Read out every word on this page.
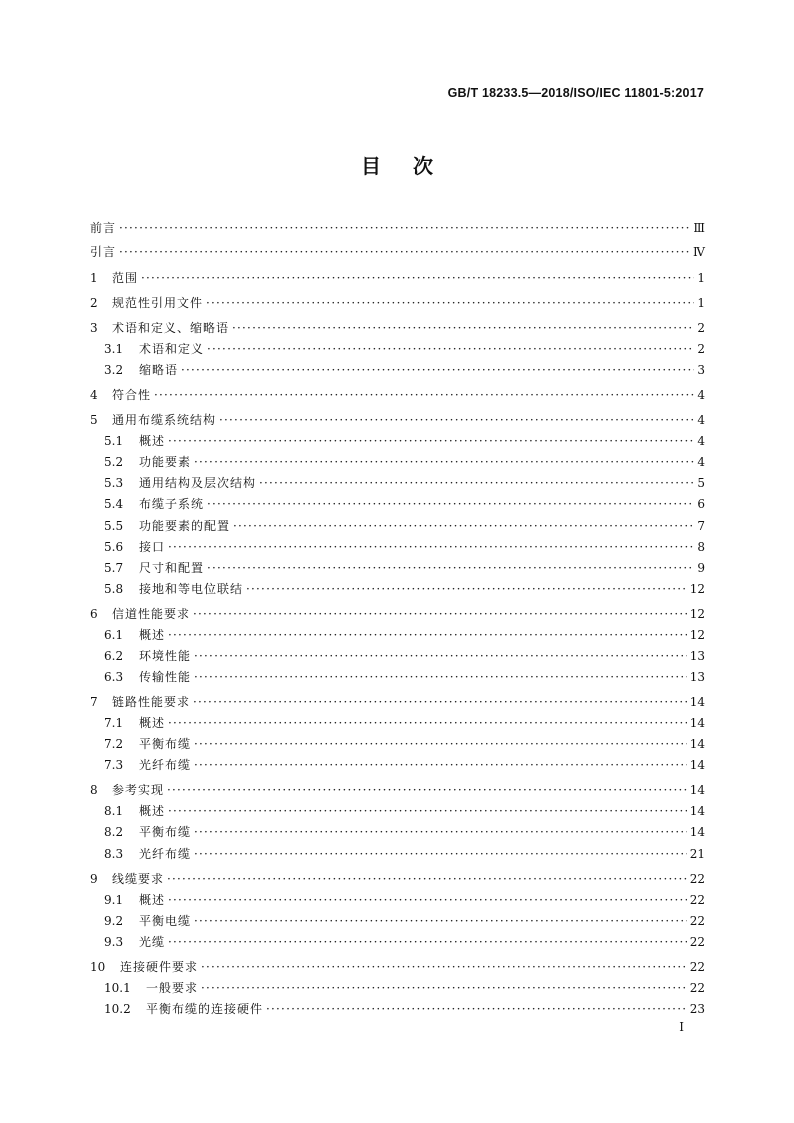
GB/T 18233.5—2018/ISO/IEC 11801-5:2017
目 次
前言 ·····	Ⅲ
引言 ·····	Ⅳ
1	范围 ·····	1
2	规范性引用文件 ·····	1
3	术语和定义、缩略语 ·····	2
3.1	术语和定义 ·····	2
3.2	缩略语 ·····	3
4	符合性 ·····	4
5	通用布缆系统结构 ·····	4
5.1	概述 ·····	4
5.2	功能要素 ·····	4
5.3	通用结构及层次结构 ·····	5
5.4	布缆子系统 ·····	6
5.5	功能要素的配置 ·····	7
5.6	接口 ·····	8
5.7	尺寸和配置 ·····	9
5.8	接地和等电位联结 ·····	12
6	信道性能要求 ·····	12
6.1	概述 ·····	12
6.2	环境性能 ·····	13
6.3	传输性能 ·····	13
7	链路性能要求 ·····	14
7.1	概述 ·····	14
7.2	平衡布缆 ·····	14
7.3	光纤布缆 ·····	14
8	参考实现 ·····	14
8.1	概述 ·····	14
8.2	平衡布缆 ·····	14
8.3	光纤布缆 ·····	21
9	线缆要求 ·····	22
9.1	概述 ·····	22
9.2	平衡电缆 ·····	22
9.3	光缆 ·····	22
10	连接硬件要求 ·····	22
10.1	一般要求 ·····	22
10.2	平衡布缆的连接硬件 ·····	23
I
